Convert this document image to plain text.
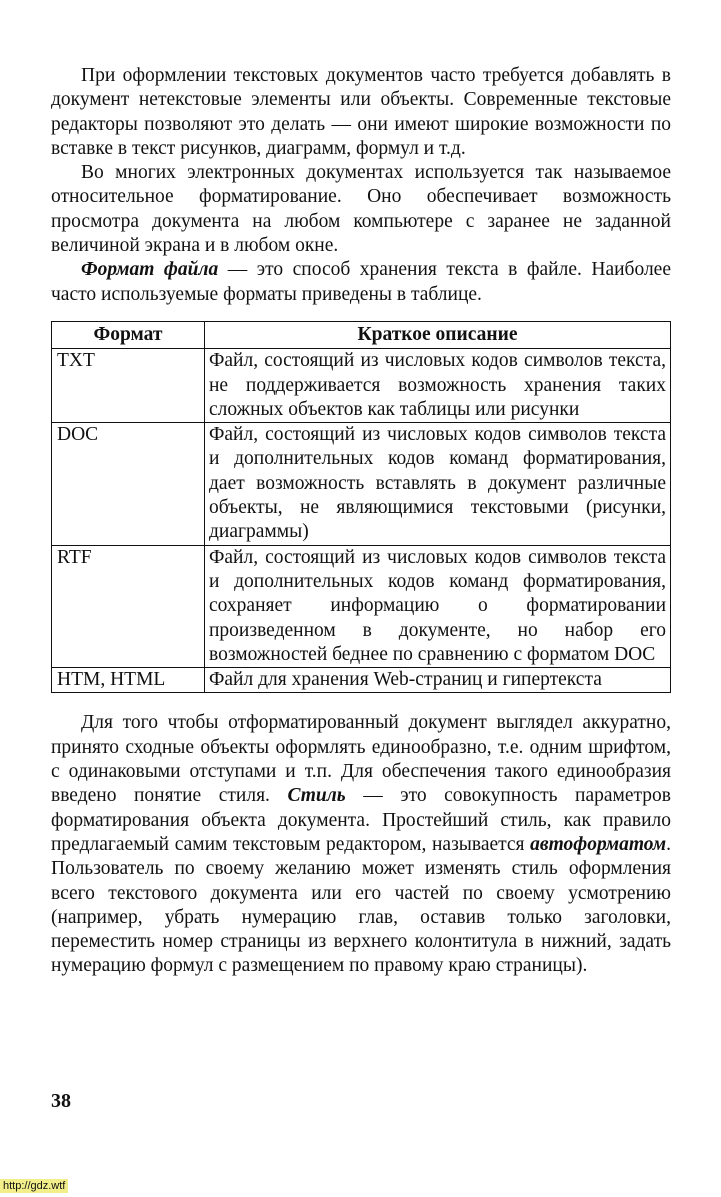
При оформлении текстовых документов часто требуется добавлять в документ нетекстовые элементы или объекты. Современные текстовые редакторы позволяют это делать — они имеют широкие возможности по вставке в текст рисунков, диаграмм, формул и т.д.

Во многих электронных документах используется так называемое относительное форматирование. Оно обеспечивает возможность просмотра документа на любом компьютере с заранее не заданной величиной экрана и в любом окне.

Формат файла — это способ хранения текста в файле. Наиболее часто используемые форматы приведены в таблице.

Формат	Краткое описание
TXT	Файл, состоящий из числовых кодов символов текста, не поддерживается возможность хранения таких сложных объектов как таблицы или рисунки
DOC	Файл, состоящий из числовых кодов символов текста и дополнительных кодов команд форматирования, дает возможность вставлять в документ различные объекты, не являющимися текстовыми (рисунки, диаграммы)
RTF	Файл, состоящий из числовых кодов символов текста и дополнительных кодов команд форматирования, сохраняет информацию о форматировании произведенном в документе, но набор его возможностей беднее по сравнению с форматом DOC
HTM, HTML	Файл для хранения Web-страниц и гипертекста

Для того чтобы отформатированный документ выглядел аккуратно, принято сходные объекты оформлять единообразно, т.е. одним шрифтом, с одинаковыми отступами и т.п. Для обеспечения такого единообразия введено понятие стиля. Стиль — это совокупность параметров форматирования объекта документа. Простейший стиль, как правило предлагаемый самим текстовым редактором, называется автоформатом. Пользователь по своему желанию может изменять стиль оформления всего текстового документа или его частей по своему усмотрению (например, убрать нумерацию глав, оставив только заголовки, переместить номер страницы из верхнего колонтитула в нижний, задать нумерацию формул с размещением по правому краю страницы).

38
http://gdz.wtf
